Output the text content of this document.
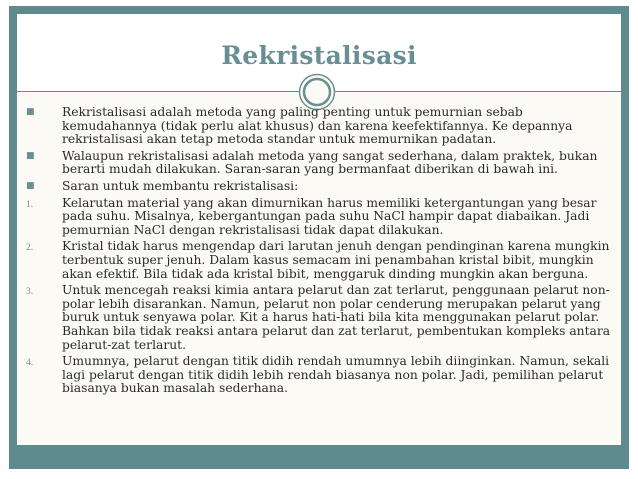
Rekristalisasi
■ Rekristalisasi adalah metoda yang paling penting untuk pemurnian sebab kemudahannya (tidak perlu alat khusus) dan karena keefektifannya. Ke depannya rekristalisasi akan tetap metoda standar untuk memurnikan padatan.
■ Walaupun rekristalisasi adalah metoda yang sangat sederhana, dalam praktek, bukan berarti mudah dilakukan. Saran-saran yang bermanfaat diberikan di bawah ini.
■ Saran untuk membantu rekristalisasi:
1. Kelarutan material yang akan dimurnikan harus memiliki ketergantungan yang besar pada suhu. Misalnya, kebergantungan pada suhu NaCl hampir dapat diabaikan. Jadi pemurnian NaCl dengan rekristalisasi tidak dapat dilakukan.
2. Kristal tidak harus mengendap dari larutan jenuh dengan pendinginan karena mungkin terbentuk super jenuh. Dalam kasus semacam ini penambahan kristal bibit, mungkin akan efektif. Bila tidak ada kristal bibit, menggaruk dinding mungkin akan berguna.
3. Untuk mencegah reaksi kimia antara pelarut dan zat terlarut, penggunaan pelarut non-polar lebih disarankan. Namun, pelarut non polar cenderung merupakan pelarut yang buruk untuk senyawa polar. Kit a harus hati-hati bila kita menggunakan pelarut polar. Bahkan bila tidak reaksi antara pelarut dan zat terlarut, pembentukan kompleks antara pelarut-zat terlarut.
4. Umumnya, pelarut dengan titik didih rendah umumnya lebih diinginkan. Namun, sekali lagi pelarut dengan titik didih lebih rendah biasanya non polar. Jadi, pemilihan pelarut biasanya bukan masalah sederhana.
